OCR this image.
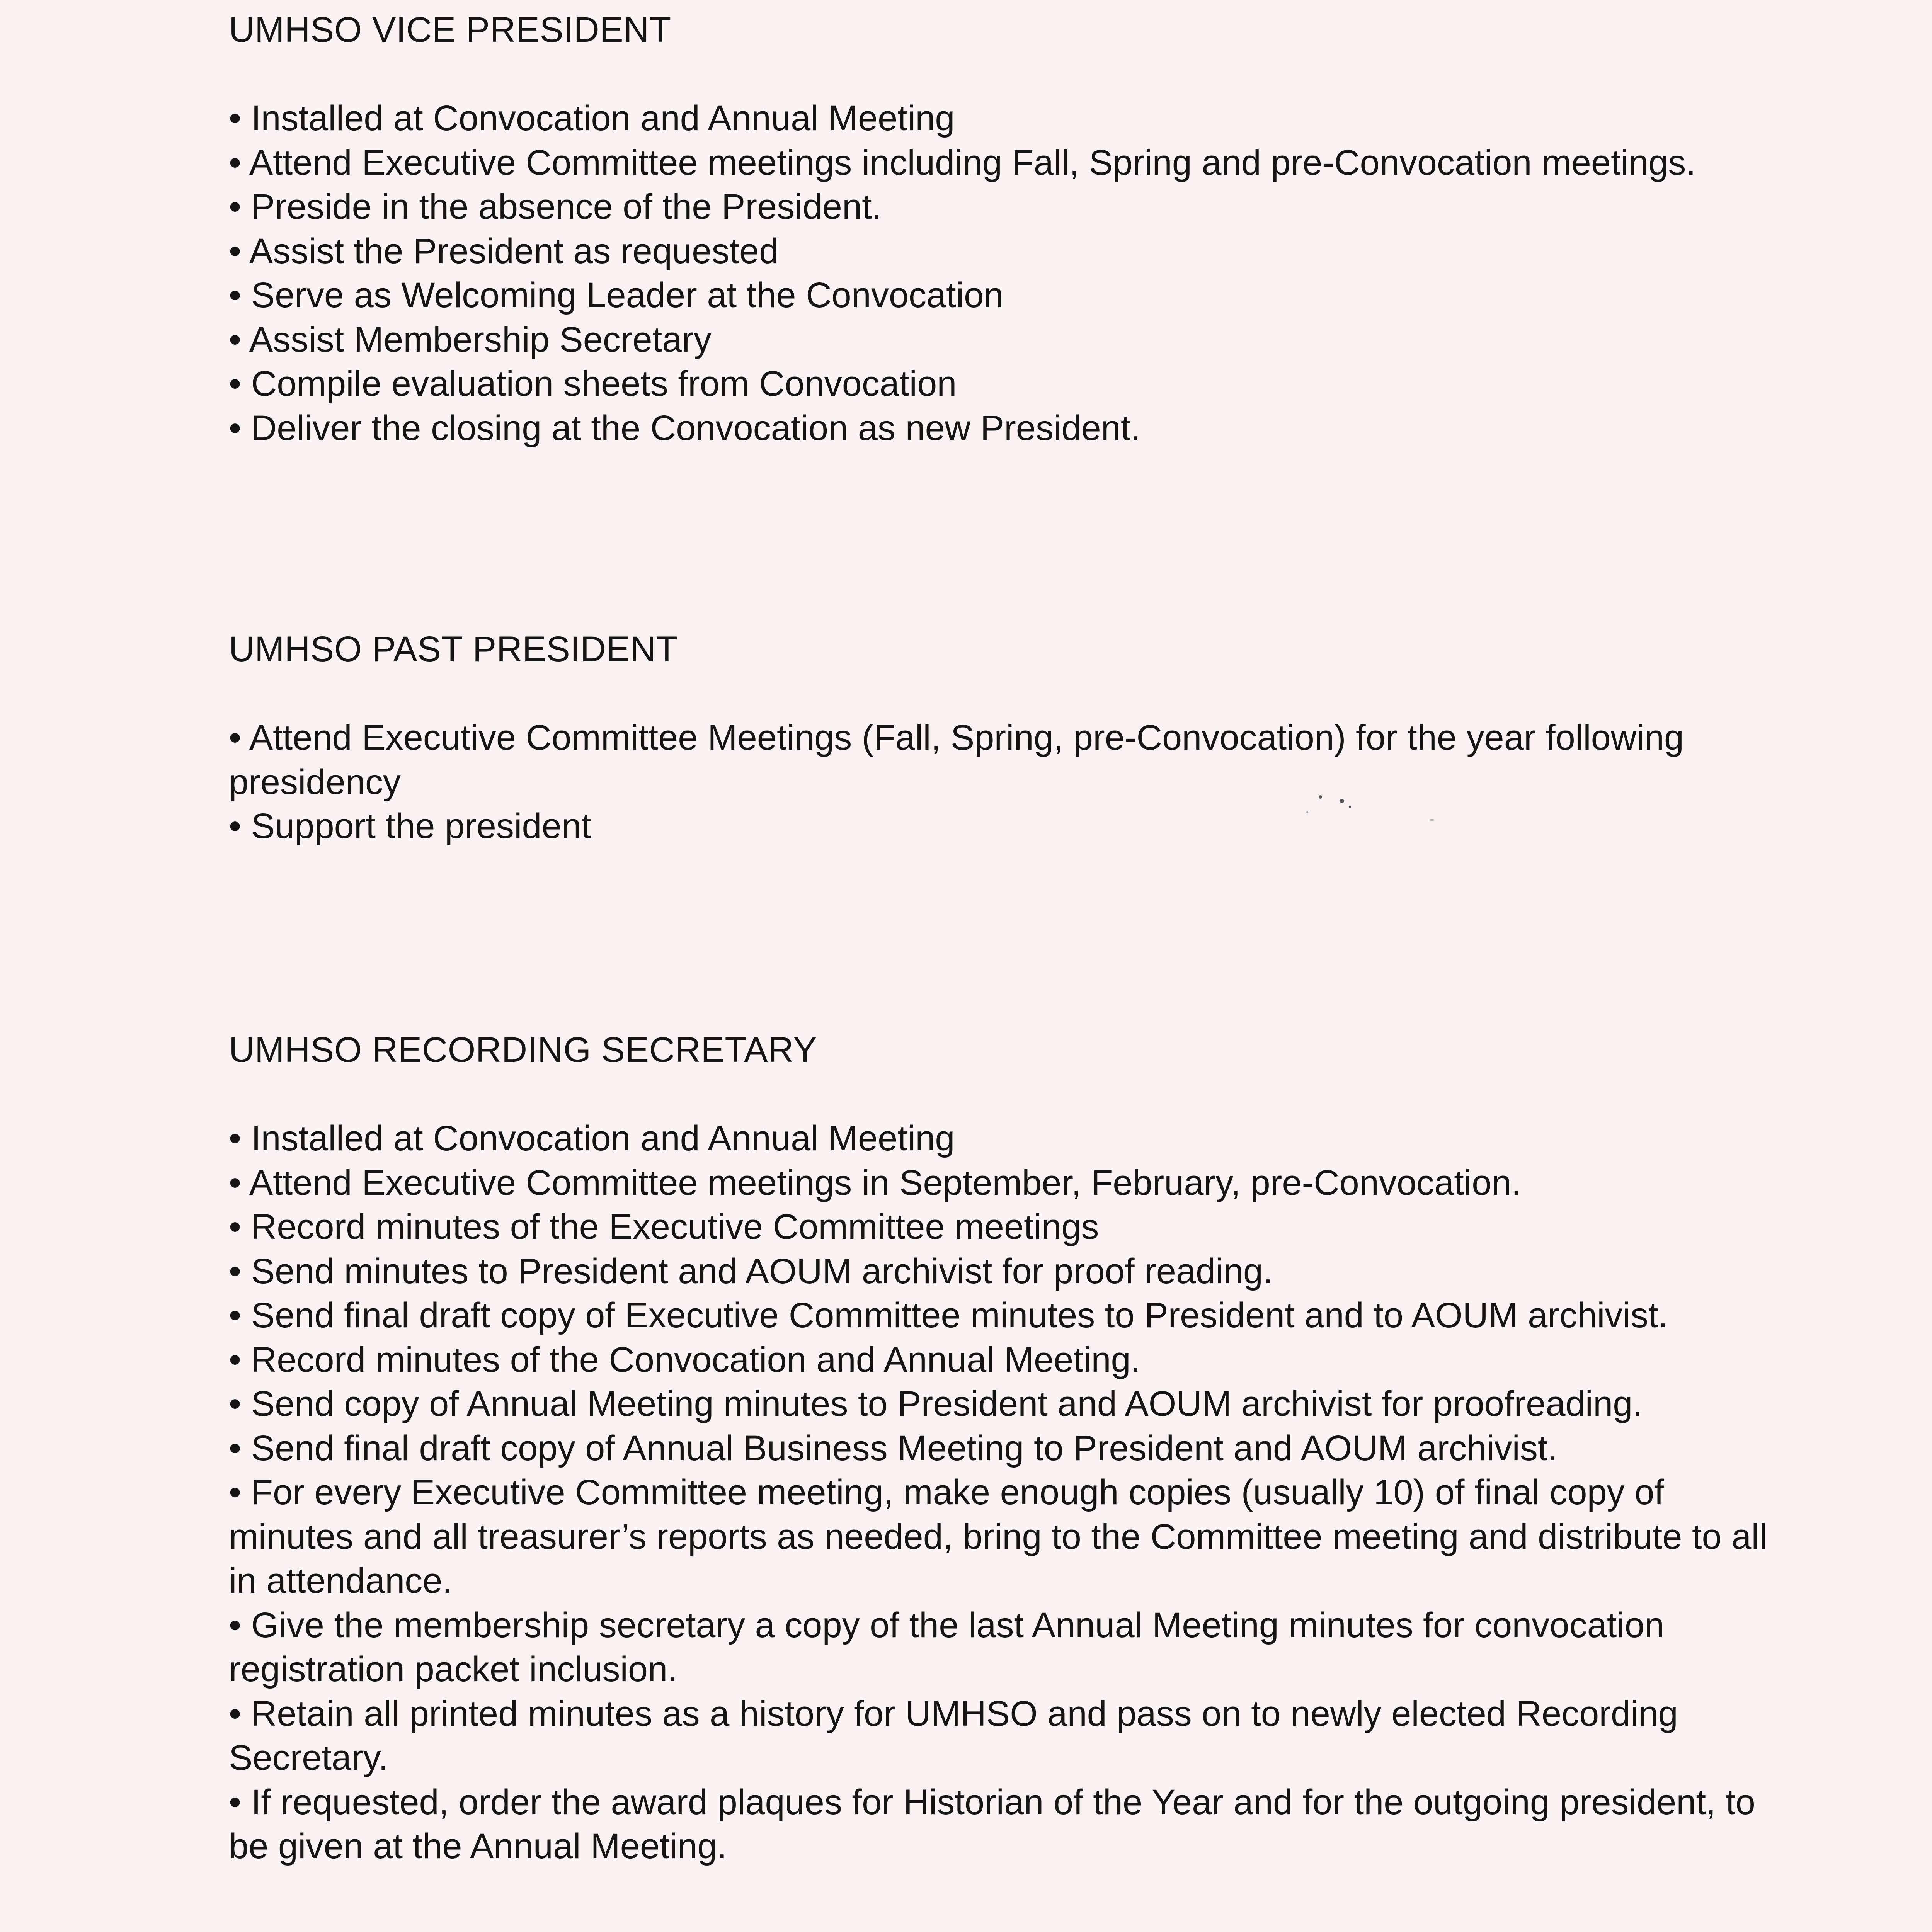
UMHSO VICE PRESIDENT
• Installed at Convocation and Annual Meeting
• Attend Executive Committee meetings including Fall, Spring and pre-Convocation meetings.
• Preside in the absence of the President.
• Assist the President as requested
• Serve as Welcoming Leader at the Convocation
• Assist Membership Secretary
• Compile evaluation sheets from Convocation
• Deliver the closing at the Convocation as new President.
UMHSO PAST PRESIDENT
• Attend Executive Committee Meetings (Fall, Spring, pre-Convocation) for the year following presidency
• Support the president
UMHSO RECORDING SECRETARY
• Installed at Convocation and Annual Meeting
• Attend Executive Committee meetings in September, February, pre-Convocation.
• Record minutes of the Executive Committee meetings
• Send minutes to President and AOUM archivist for proof reading.
• Send final draft copy of Executive Committee minutes to President and to AOUM archivist.
• Record minutes of the Convocation and Annual Meeting.
• Send copy of Annual Meeting minutes to President and AOUM archivist for proofreading.
• Send final draft copy of Annual Business Meeting to President and AOUM archivist.
• For every Executive Committee meeting, make enough copies (usually 10) of final copy of minutes and all treasurer’s reports as needed, bring to the Committee meeting and distribute to all in attendance.
• Give the membership secretary a copy of the last Annual Meeting minutes for convocation registration packet inclusion.
• Retain all printed minutes as a history for UMHSO and pass on to newly elected Recording Secretary.
• If requested, order the award plaques for Historian of the Year and for the outgoing president, to be given at the Annual Meeting.
